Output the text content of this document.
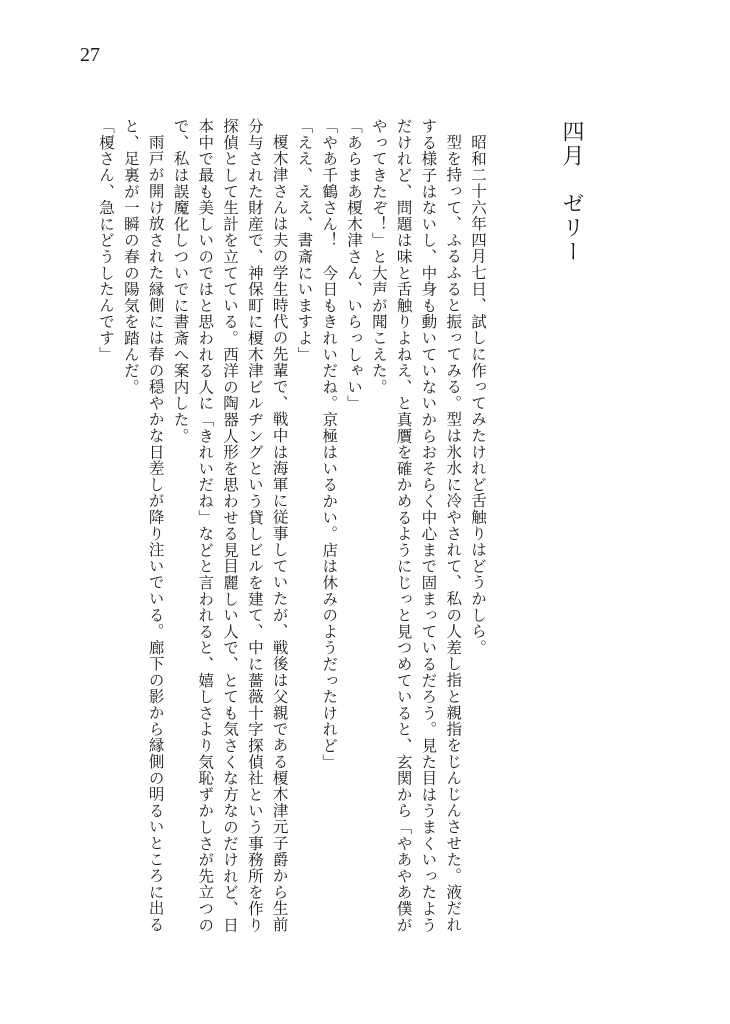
27
四月　ゼリー

昭和二十六年四月七日、試しに作ってみたけれど舌触りはどうかしら。

型を持って、ふるふると振ってみる。型は氷水に冷やされて、私の人差し指と親指をじんじんさせた。液だれする様子はないし、中身も動いていないからおそらく中心まで固まっているだろう。見た目はうまくいったようだけれど、問題は味と舌触りよねえ、と真贋を確かめるようにじっと見つめていると、玄関から「やあやあ僕がやってきたぞ！」と大声が聞こえた。

「あらまあ榎木津さん、いらっしゃい」

「やあ千鶴さん！　今日もきれいだね。京極はいるかい。店は休みのようだったけれど」

「ええ、ええ、書斎にいますよ」

榎木津さんは夫の学生時代の先輩で、戦中は海軍に従事していたが、戦後は父親である榎木津元子爵から生前分与された財産で、神保町に榎木津ビルヂングという貸しビルを建て、中に薔薇十字探偵社という事務所を作り探偵として生計を立てている。西洋の陶器人形を思わせる見目麗しい人で、とても気さくな方なのだけれど、日本中で最も美しいのではと思われる人に「きれいだね」などと言われると、嬉しさより気恥ずかしさが先立つので、私は誤魔化しついでに書斎へ案内した。

雨戸が開け放された縁側には春の穏やかな日差しが降り注いでいる。廊下の影から縁側の明るいところに出ると、足裏が一瞬の春の陽気を踏んだ。

「榎さん、急にどうしたんです」
